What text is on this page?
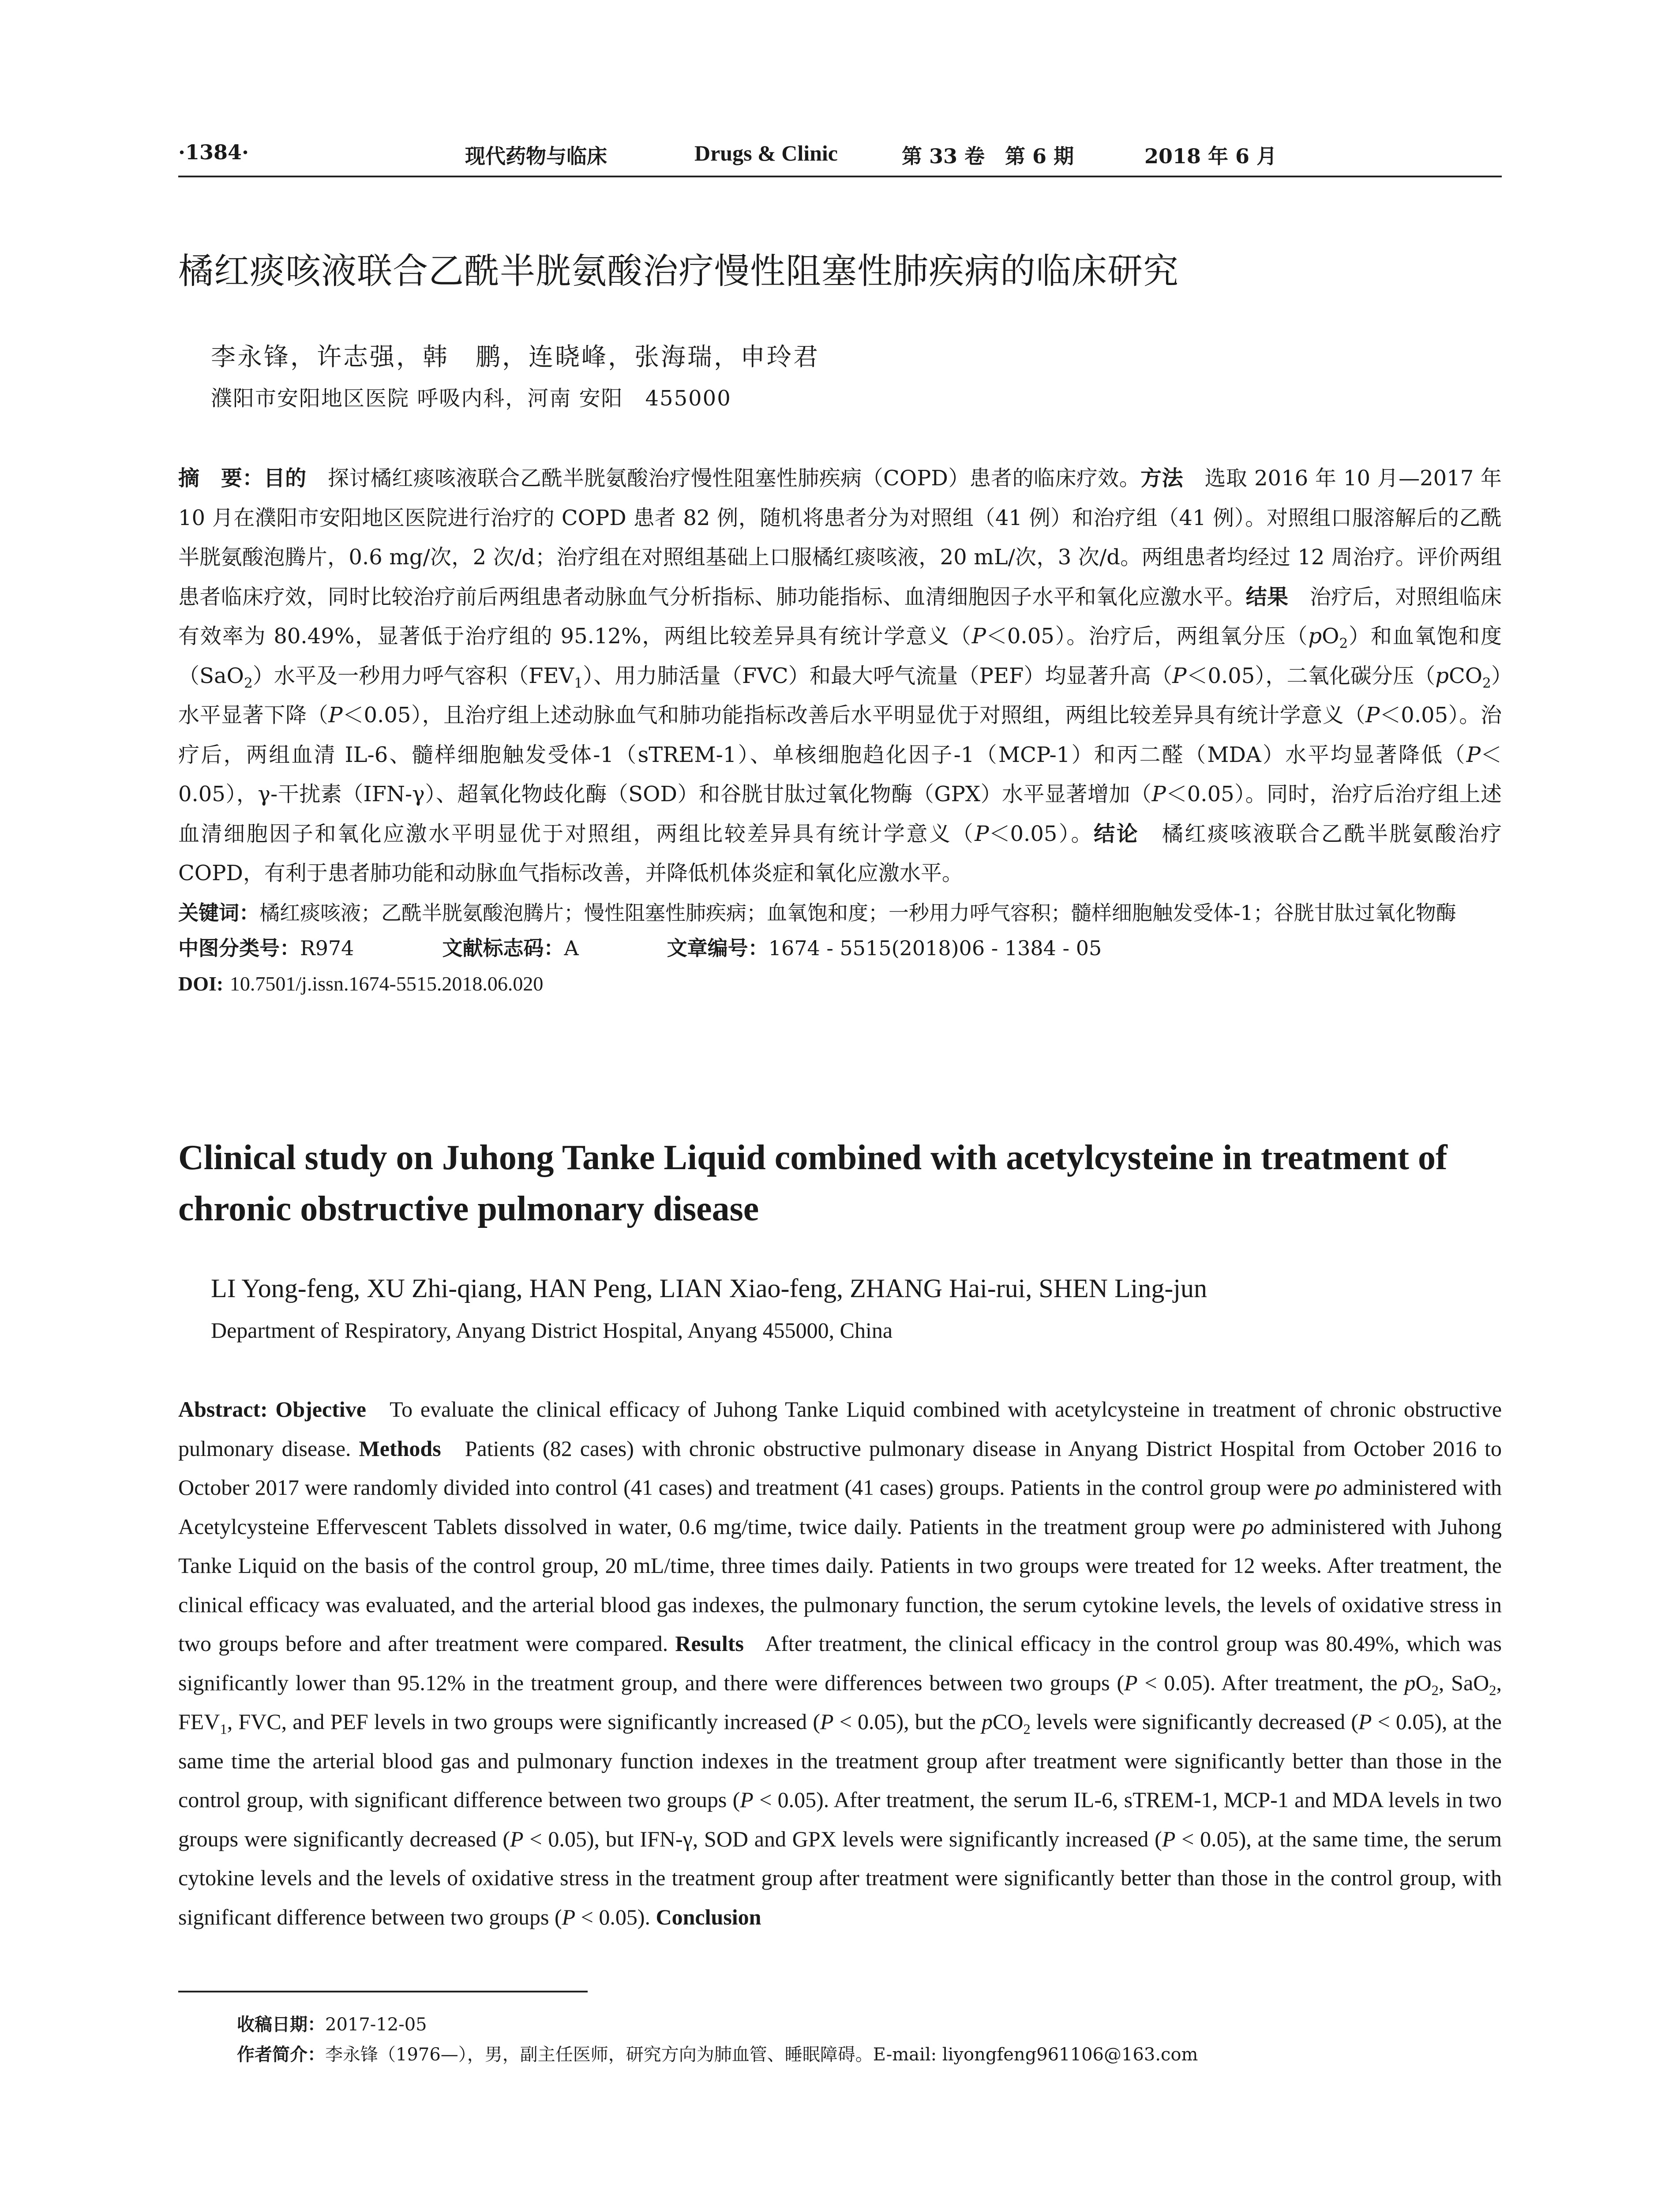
·1384·	现代药物与临床	Drugs & Clinic	第 33 卷　第 6 期	2018 年 6 月
橘红痰咳液联合乙酰半胱氨酸治疗慢性阻塞性肺疾病的临床研究
李永锋，许志强，韩　鹏，连晓峰，张海瑞，申玲君
濮阳市安阳地区医院 呼吸内科，河南 安阳　455000

摘　要：目的　 探讨橘红痰咳液联合乙酰半胱氨酸治疗慢性阻塞性肺疾病（COPD）患者的临床疗效。方法　 选取 2016 年 10 月—2017 年 10 月在濮阳市安阳地区医院进行治疗的 COPD 患者 82 例，随机将患者分为对照组（41 例）和治疗组（41 例）。对照组口服溶解后的乙酰半胱氨酸泡腾片，0.6 mg/次，2 次/d；治疗组在对照组基础上口服橘红痰咳液，20 mL/次，3 次/d。两组患者均经过 12 周治疗。评价两组患者临床疗效，同时比较治疗前后两组患者动脉血气分析指标、肺功能指标、血清细胞因子水平和氧化应激水平。结果　 治疗后，对照组临床有效率为 80.49%，显著低于治疗组的 95.12%，两组比较差异具有统计学意义（P＜0.05）。治疗后，两组氧分压$(pO_2)$和血氧饱和度（SaO$_2$）水平及一秒用力呼气容积$(FEV_1)$、用力肺活量（FVC）和最大呼气流量（PEF）均显著升高（P＜0.05），二氧化碳分压（pCO$_2$）水平显著下降（P＜0.05），且治疗组上述动脉血气和肺功能指标改善后水平明显优于对照组，两组比较差异具有统计学意义（P＜0.05）。治疗后，两组血清 IL-6、髓样细胞触发受体-1（sTREM-1）、单核细胞趋化因子-1（MCP-1）和丙二醛（MDA）水平均显著降低（P＜0.05），γ-干扰素（IFN-γ）、超氧化物歧化酶（SOD）和谷胱甘肽过氧化物酶（GPX）水平显著增加（P＜0.05）。同时，治疗后治疗组上述血清细胞因子和氧化应激水平明显优于对照组，两组比较差异具有统计学意义（P＜0.05）。结论　 橘红痰咳液联合乙酰半胱氨酸治疗 COPD，有利于患者肺功能和动脉血气指标改善，并降低机体炎症和氧化应激水平。

关键词：橘红痰咳液；乙酰半胱氨酸泡腾片；慢性阻塞性肺疾病；血氧饱和度；一秒用力呼气容积；髓样细胞触发受体-1；谷胱甘肽过氧化物酶

中图分类号：R974	文献标志码：A	文章编号：1674 - 5515(2018)06 - 1384 - 05

DOI: 10.7501/j.issn.1674-5515.2018.06.020

Clinical study on Juhong Tanke Liquid combined with acetylcysteine in treatment of chronic obstructive pulmonary disease
LI Yong-feng, XU Zhi-qiang, HAN Peng, LIAN Xiao-feng, ZHANG Hai-rui, SHEN Ling-jun
Department of Respiratory, Anyang District Hospital, Anyang 455000, China
Abstract: Objective To evaluate the clinical efficacy of Juhong Tanke Liquid combined with acetylcysteine in treatment of chronic obstructive pulmonary disease. Methods Patients (82 cases) with chronic obstructive pulmonary disease in Anyang District Hospital from October 2016 to October 2017 were randomly divided into control (41 cases) and treatment (41 cases) groups. Patients in the control group were po administered with Acetylcysteine Effervescent Tablets dissolved in water, 0.6 mg/time, twice daily. Patients in the treatment group were po administered with Juhong Tanke Liquid on the basis of the control group, 20 mL/time, three times daily. Patients in two groups were treated for 12 weeks. After treatment, the clinical efficacy was evaluated, and the arterial blood gas indexes, the pulmonary function, the serum cytokine levels, the levels of oxidative stress in two groups before and after treatment were compared. Results After treatment, the clinical efficacy in the control group was 80.49%, which was significantly lower than 95.12% in the treatment group, and there were differences between two groups (P < 0.05). After treatment, the $pO_2$, SaO$_2$, $FEV_1$, FVC, and PEF levels in two groups were significantly increased (P < 0.05), but the pCO$_2$ levels were significantly decreased (P < 0.05), at the same time the arterial blood gas and pulmonary function indexes in the treatment group after treatment were significantly better than those in the control group, with significant difference between two groups (P < 0.05). After treatment, the serum IL-6, sTREM-1, MCP-1 and MDA levels in two groups were significantly decreased (P < 0.05), but IFN-γ, SOD and GPX levels were significantly increased (P < 0.05), at the same time, the serum cytokine levels and the levels of oxidative stress in the treatment group after treatment were significantly better than those in the control group, with significant difference between two groups (P < 0.05). Conclusion
收稿日期：2017-12-05
作者简介：李永锋（1976—），男，副主任医师，研究方向为肺血管、睡眠障碍。E-mail: liyongfeng961106@163.com
